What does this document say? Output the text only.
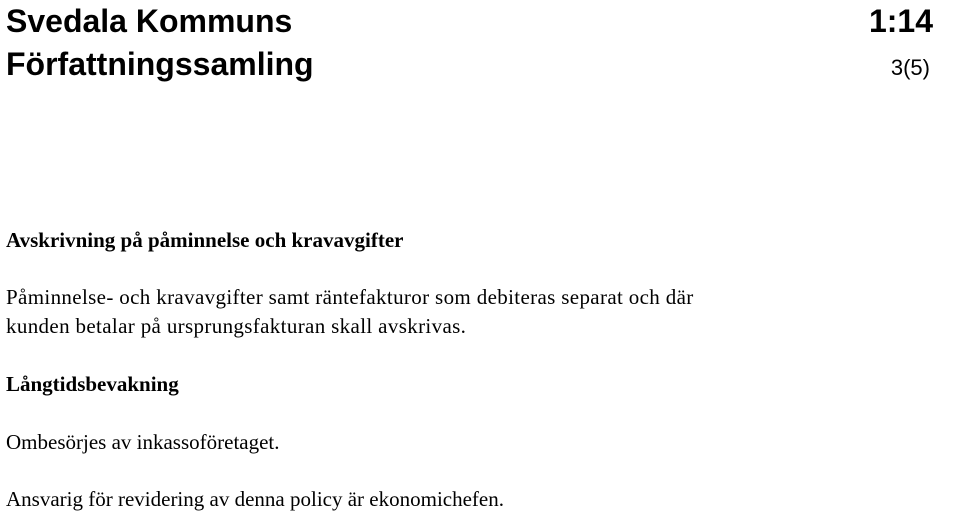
Svedala Kommuns
Författningssamling
1:14
3(5)
Avskrivning på påminnelse och kravavgifter
Påminnelse- och kravavgifter samt räntefakturor som debiteras separat och där
kunden betalar på ursprungsfakturan skall avskrivas.
Långtidsbevakning
Ombesörjes av inkassoföretaget.
Ansvarig för revidering av denna policy är ekonomichefen.
